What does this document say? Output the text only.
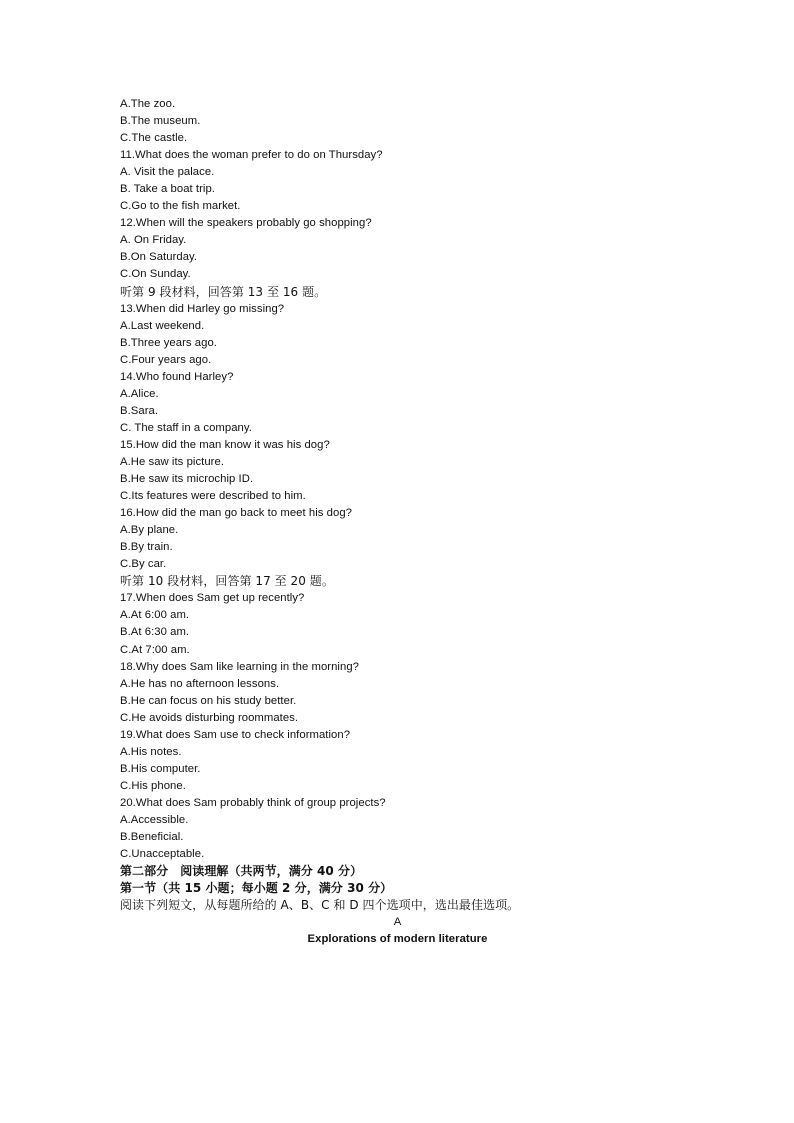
A.The zoo.
B.The museum.
C.The castle.
11.What does the woman prefer to do on Thursday?
A. Visit the palace.
B. Take a boat trip.
C.Go to the fish market.
12.When will the speakers probably go shopping?
A. On Friday.
B.On Saturday.
C.On Sunday.
听第 9 段材料，回答第 13 至 16 题。
13.When did Harley go missing?
A.Last weekend.
B.Three years ago.
C.Four years ago.
14.Who found Harley?
A.Alice.
B.Sara.
C. The staff in a company.
15.How did the man know it was his dog?
A.He saw its picture.
B.He saw its microchip ID.
C.Its features were described to him.
16.How did the man go back to meet his dog?
A.By plane.
B.By train.
C.By car.
听第 10 段材料，回答第 17 至 20 题。
17.When does Sam get up recently?
A.At 6:00 am.
B.At 6:30 am.
C.At 7:00 am.
18.Why does Sam like learning in the morning?
A.He has no afternoon lessons.
B.He can focus on his study better.
C.He avoids disturbing roommates.
19.What does Sam use to check information?
A.His notes.
B.His computer.
C.His phone.
20.What does Sam probably think of group projects?
A.Accessible.
B.Beneficial.
C.Unacceptable.
第二部分　阅读理解（共两节，满分 40 分）
第一节（共 15 小题；每小题 2 分，满分 30 分）
阅读下列短文，从每题所给的 A、B、C 和 D 四个选项中，选出最佳选项。
A
Explorations of modern literature
